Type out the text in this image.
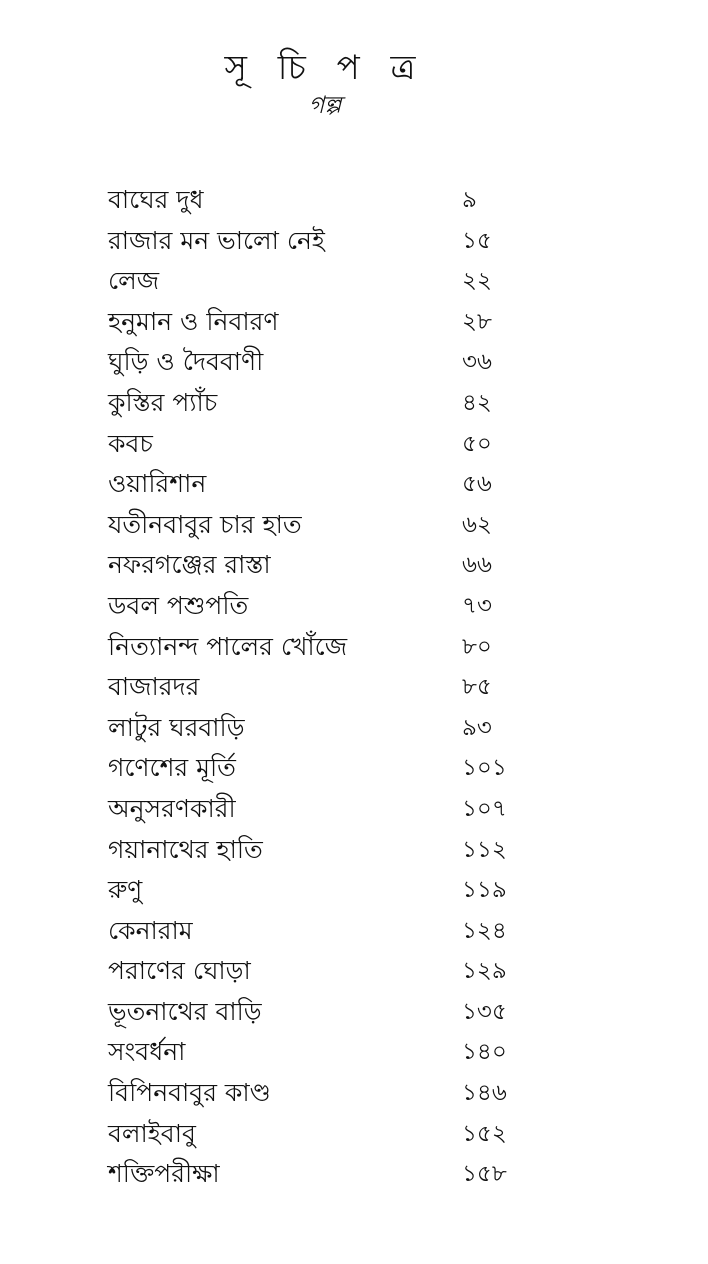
সূ চি প ত্র
গল্প
বাঘের দুধ	৯
রাজার মন ভালো নেই	১৫
লেজ	২২
হনুমান ও নিবারণ	২৮
ঘুড়ি ও দৈববাণী	৩৬
কুস্তির প্যাঁচ	৪২
কবচ	৫০
ওয়ারিশান	৫৬
যতীনবাবুর চার হাত	৬২
নফরগঞ্জের রাস্তা	৬৬
ডবল পশুপতি	৭৩
নিত্যানন্দ পালের খোঁজে	৮০
বাজারদর	৮৫
লাটুর ঘরবাড়ি	৯৩
গণেশের মূর্তি	১০১
অনুসরণকারী	১০৭
গয়ানাথের হাতি	১১২
রুণু	১১৯
কেনারাম	১২৪
পরাণের ঘোড়া	১২৯
ভূতনাথের বাড়ি	১৩৫
সংবর্ধনা	১৪০
বিপিনবাবুর কাণ্ড	১৪৬
বলাইবাবু	১৫২
শক্তিপরীক্ষা	১৫৮
